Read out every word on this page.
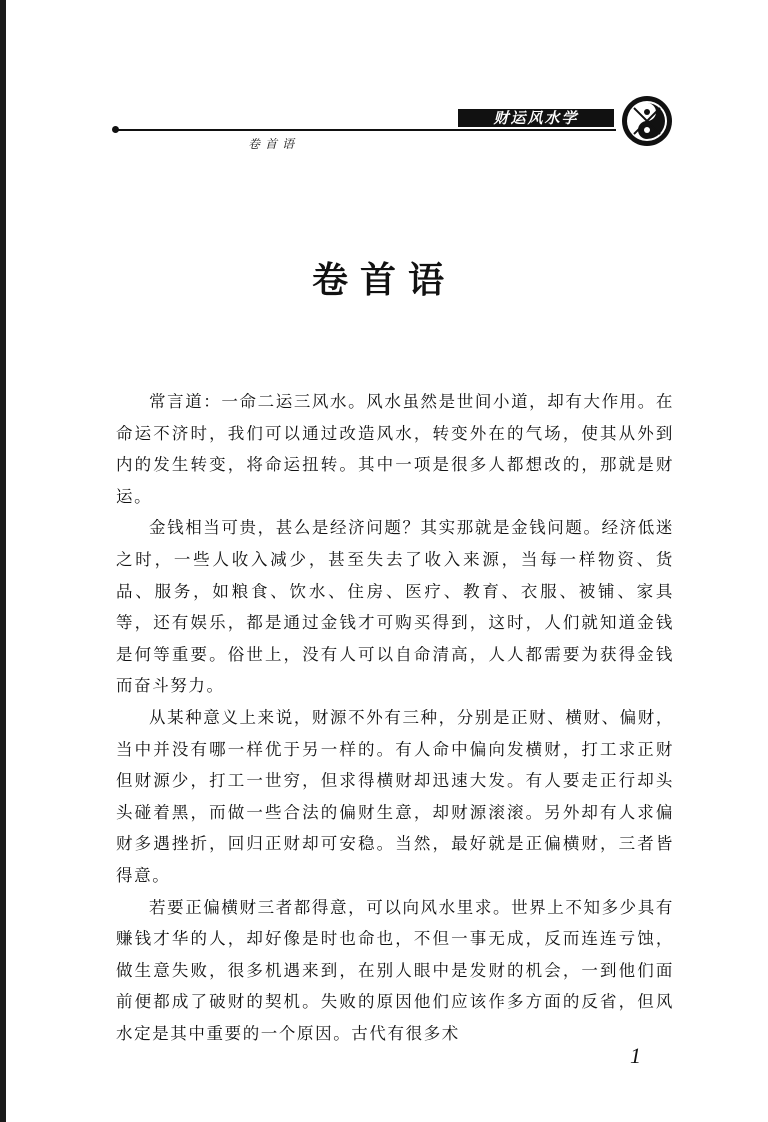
财运风水学
卷首语
卷首语

常言道：一命二运三风水。风水虽然是世间小道，却有大作用。在命运不济时，我们可以通过改造风水，转变外在的气场，使其从外到内的发生转变，将命运扭转。其中一项是很多人都想改的，那就是财运。

金钱相当可贵，甚么是经济问题？其实那就是金钱问题。经济低迷之时，一些人收入减少，甚至失去了收入来源，当每一样物资、货品、服务，如粮食、饮水、住房、医疗、教育、衣服、被铺、家具等，还有娱乐，都是通过金钱才可购买得到，这时，人们就知道金钱是何等重要。俗世上，没有人可以自命清高，人人都需要为获得金钱而奋斗努力。

从某种意义上来说，财源不外有三种，分别是正财、横财、偏财，当中并没有哪一样优于另一样的。有人命中偏向发横财，打工求正财但财源少，打工一世穷，但求得横财却迅速大发。有人要走正行却头头碰着黑，而做一些合法的偏财生意，却财源滚滚。另外却有人求偏财多遇挫折，回归正财却可安稳。当然，最好就是正偏横财，三者皆得意。

若要正偏横财三者都得意，可以向风水里求。世界上不知多少具有赚钱才华的人，却好像是时也命也，不但一事无成，反而连连亏蚀，做生意失败，很多机遇来到，在别人眼中是发财的机会，一到他们面前便都成了破财的契机。失败的原因他们应该作多方面的反省，但风水定是其中重要的一个原因。古代有很多术

1
